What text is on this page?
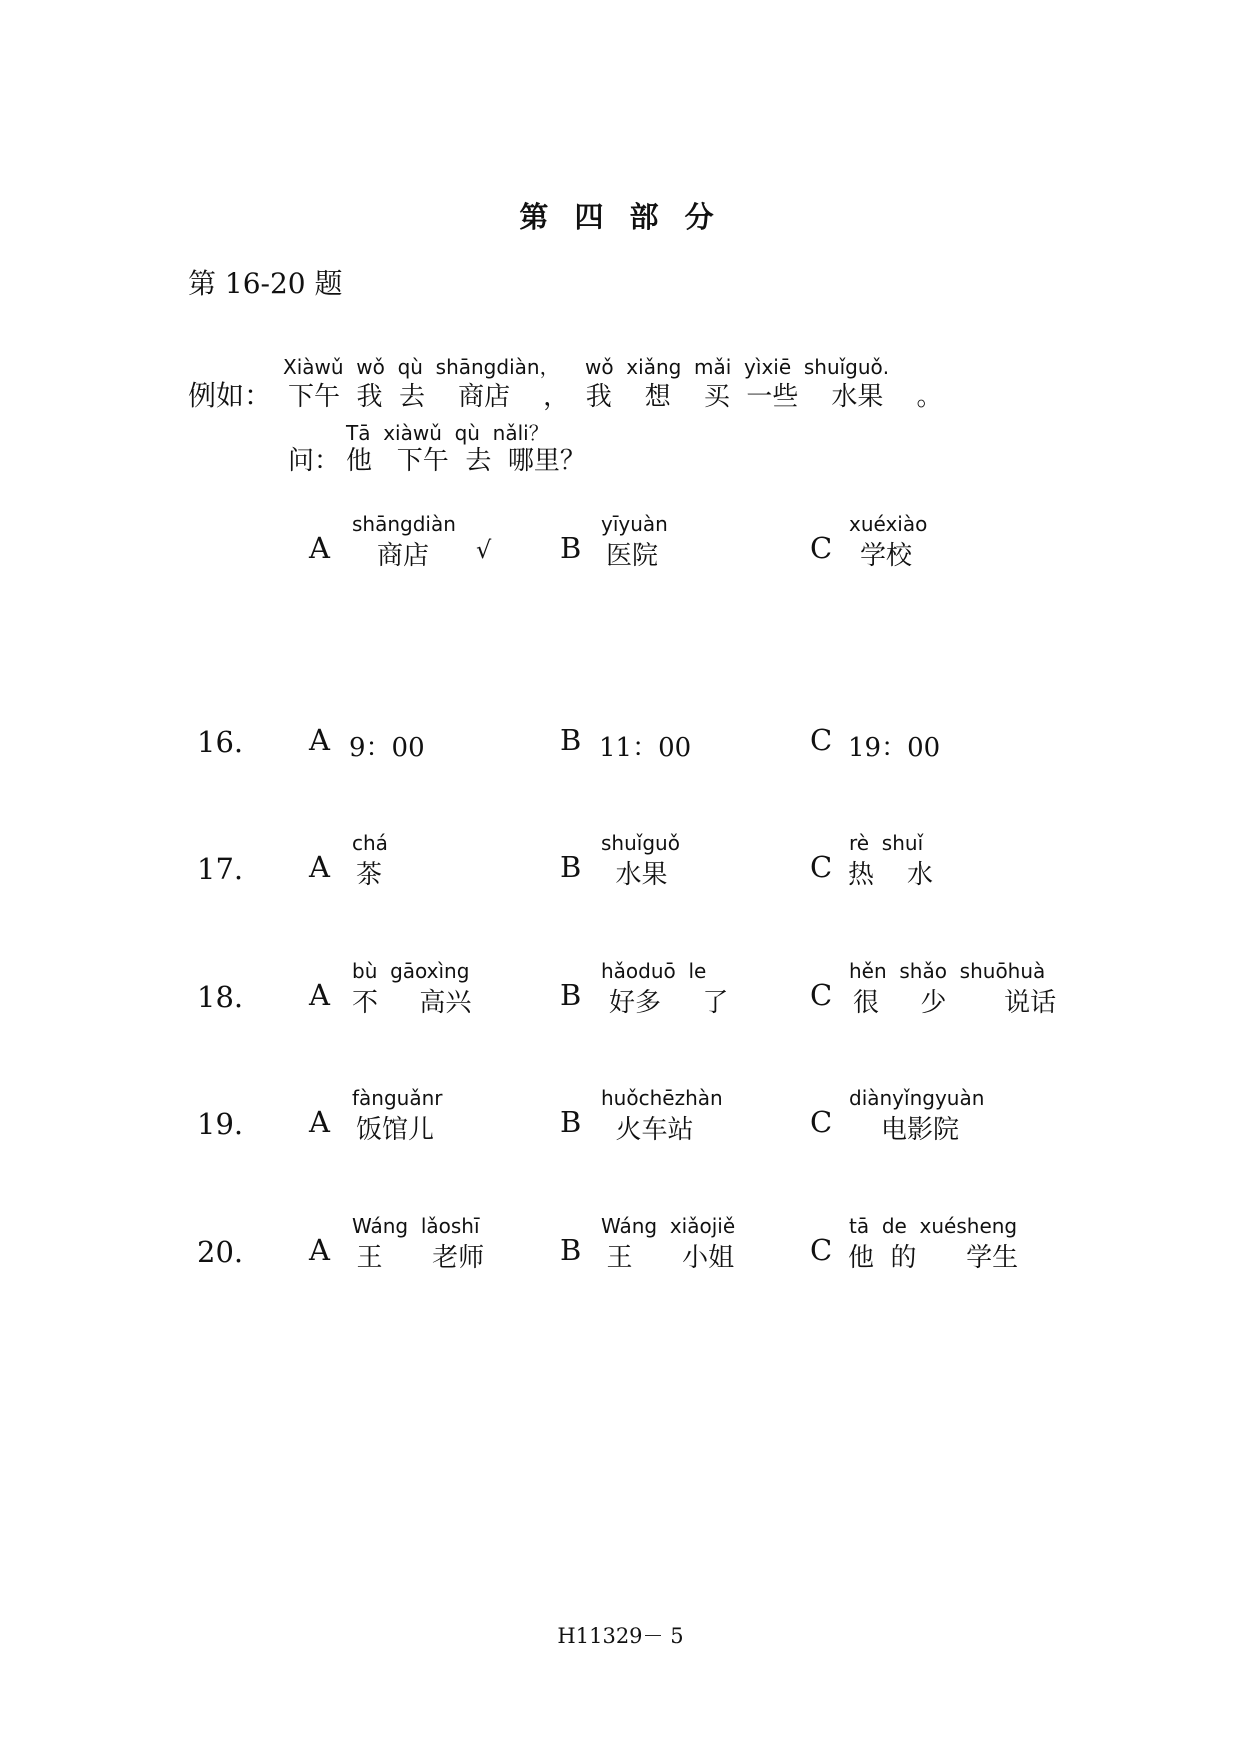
第 四 部 分
第 16-20 题
Xiàwǔ  wǒ  qù  shāngdiàn，    wǒ  xiǎng  mǎi  yìxiē  shuǐguǒ.
例如： 下午  我  去    商店    ，  我    想    买  一些    水果    。
Tā  xiàwǔ  qù  nǎli？
问： 他   下午  去  哪里？
A
shāngdiàn
商店 √ B
yīyuàn
医院	C
xuéxiào
学校
16. A 9：00	B 11：00	C 19：00
17. A
chá
茶	B
shuǐguǒ
水果	C
rè  shuǐ
热    水
18. A
bù  gāoxìng
不     高兴	B
hǎoduō  le
好多     了	C
hěn  shǎo  shuōhuà
很     少       说话
19. A
fànguǎnr
饭馆儿	B
huǒchēzhàn
火车站	C
diànyǐngyuàn
电影院
20. A
Wáng  lǎoshī
王      老师	B
Wáng  xiǎojiě
王      小姐	C
tā  de  xuésheng
他  的      学生
H11329－ 5
